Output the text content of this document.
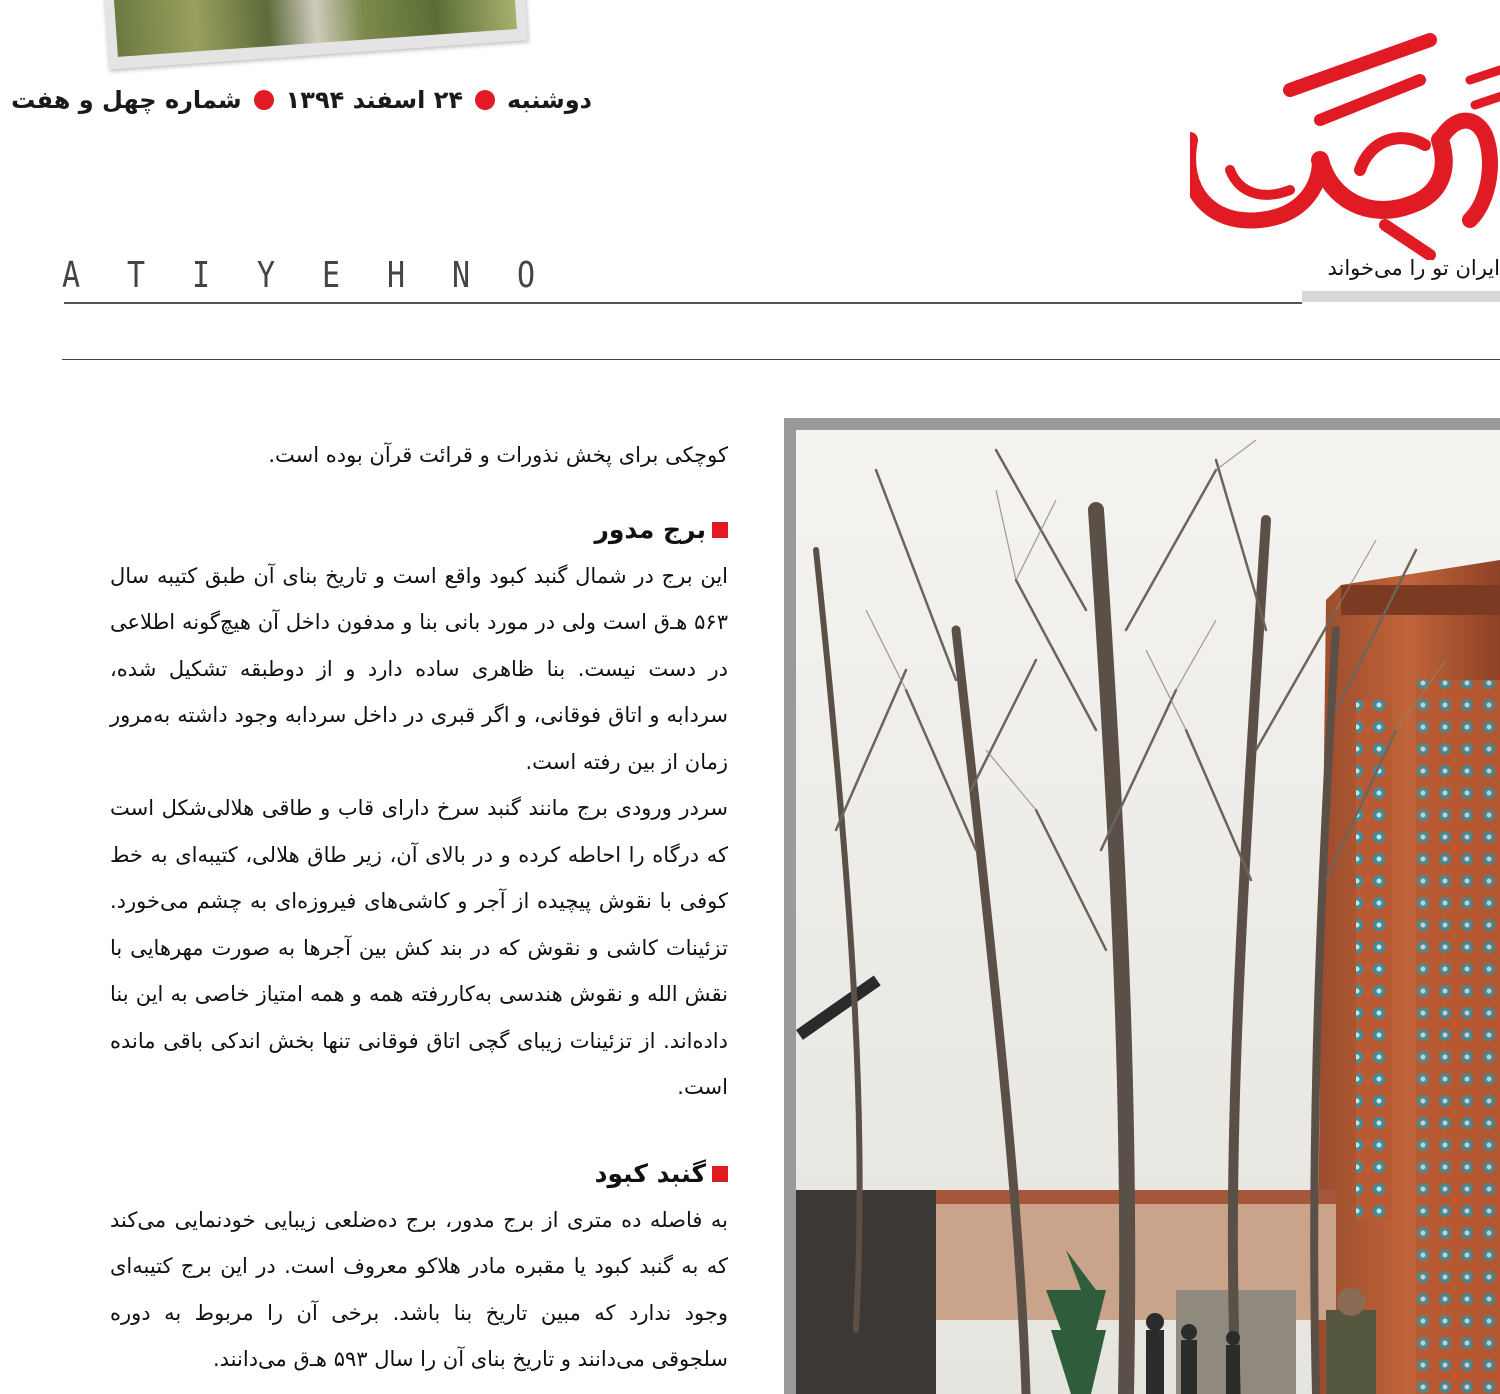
شماره چهل و هفت ۲۴ اسفند ۱۳۹۴ دوشنبه
ایران تو را می‌خواند
A	T	I	Y	E	H	N	O

کوچکی برای پخش نذورات و قرائت قرآن بوده است.

برج مدور

این برج در شمال گنبد کبود واقع است و تاریخ بنای آن طبق کتیبه سال ۵۶۳ هـ‌ق است ولی در مورد بانی بنا و مدفون داخل آن هیچ‌گونه اطلاعی در دست نیست. بنا ظاهری ساده دارد و از دوطبقه تشکیل شده، سردابه و اتاق فوقانی، و اگر قبری در داخل سردابه وجود داشته به‌مرور زمان از بین رفته است.

سردر ورودی برج مانند گنبد سرخ دارای قاب و طاقی هلالی‌شکل است که درگاه را احاطه کرده و در بالای آن، زیر طاق هلالی، کتیبه‌ای به خط کوفی با نقوش پیچیده از آجر و کاشی‌های فیروزه‌ای به چشم می‌خورد. تزئینات کاشی و نقوش که در بند کش بین آجرها به صورت مهرهایی با نقش الله و نقوش هندسی به‌کاررفته همه و همه امتیاز خاصی به این بنا داده‌اند. از تزئینات زیبای گچی اتاق فوقانی تنها بخش اندکی باقی مانده است.

گنبد کبود

به فاصله ده متری از برج مدور، برج ده‌ضلعی زیبایی خودنمایی می‌کند که به گنبد کبود یا مقبره مادر هلاکو معروف است. در این برج کتیبه‌ای وجود ندارد که مبین تاریخ بنا باشد. برخی آن را مربوط به دوره سلجوقی می‌دانند و تاریخ بنای آن را سال ۵۹۳ هـ‌ق می‌دانند.
